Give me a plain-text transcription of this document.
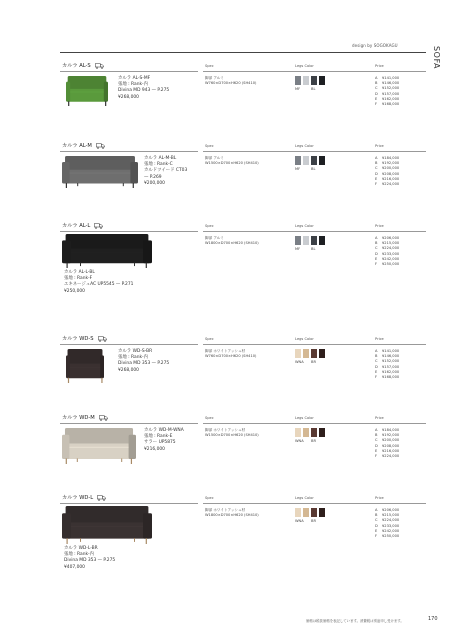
design by SOGOKAGU
SOFA
カルラ AL-S	Spec	Legs Color	Price
脚部 アルミ
W760×D700×H620 (SH410)
MF	BL
A	¥141,000
B	¥146,000
C	¥152,000
D	¥157,000
E	¥162,000
F	¥168,000
カルラ AL-S-MF
張地 : Rank-内
Divina MD 943 — P.275
¥268,000
カルラ AL-M	Spec	Legs Color	Price
脚部 アルミ
W1500×D700×H620 (SH410)
MF	BL
A	¥184,000
B	¥192,000
C	¥200,000
D	¥208,000
E	¥216,000
F	¥224,000
カルラ AL-M-BL
張地 : Rank-C
カルドツイード CT03
— P.269
¥200,000
カルラ AL-L	Spec	Legs Color	Price
脚部 アルミ
W1800×D700×H620 (SH410)
MF	BL
A	¥206,000
B	¥215,000
C	¥224,000
D	¥233,000
E	¥242,000
F	¥250,000
カルラ AL-L-BL
張地 : Rank-F
ユキネージュAC UP5545 — P.271
¥250,000
カルラ WD-S	Spec	Legs Color	Price
脚部 ホワイトアッシュ材
W760×D700×H620 (SH410)
WNA	BR
A	¥141,000
B	¥146,000
C	¥152,000
D	¥157,000
E	¥162,000
F	¥168,000
カルラ WD-S-BR
張地 : Rank-内
Divina MD 353 — P.275
¥268,000
カルラ WD-M	Spec	Legs Color	Price
脚部 ホワイトアッシュ材
W1500×D700×H620 (SH410)
WNA	BR
A	¥184,000
B	¥192,000
C	¥200,000
D	¥208,000
E	¥216,000
F	¥224,000
カルラ WD-M-WNA
張地 : Rank-E
サラー UP5875
¥216,000
カルラ WD-L	Spec	Legs Color	Price
脚部 ホワイトアッシュ材
W1800×D700×H620 (SH410)
WNA	BR
A	¥206,000
B	¥215,000
C	¥224,000
D	¥233,000
E	¥242,000
F	¥250,000
カルラ WD-L-BR
張地 : Rank-内
Divina MD 353 — P.275
¥407,000
価格は税抜価格を表記しています。消費税は別途申し受けます。	170
